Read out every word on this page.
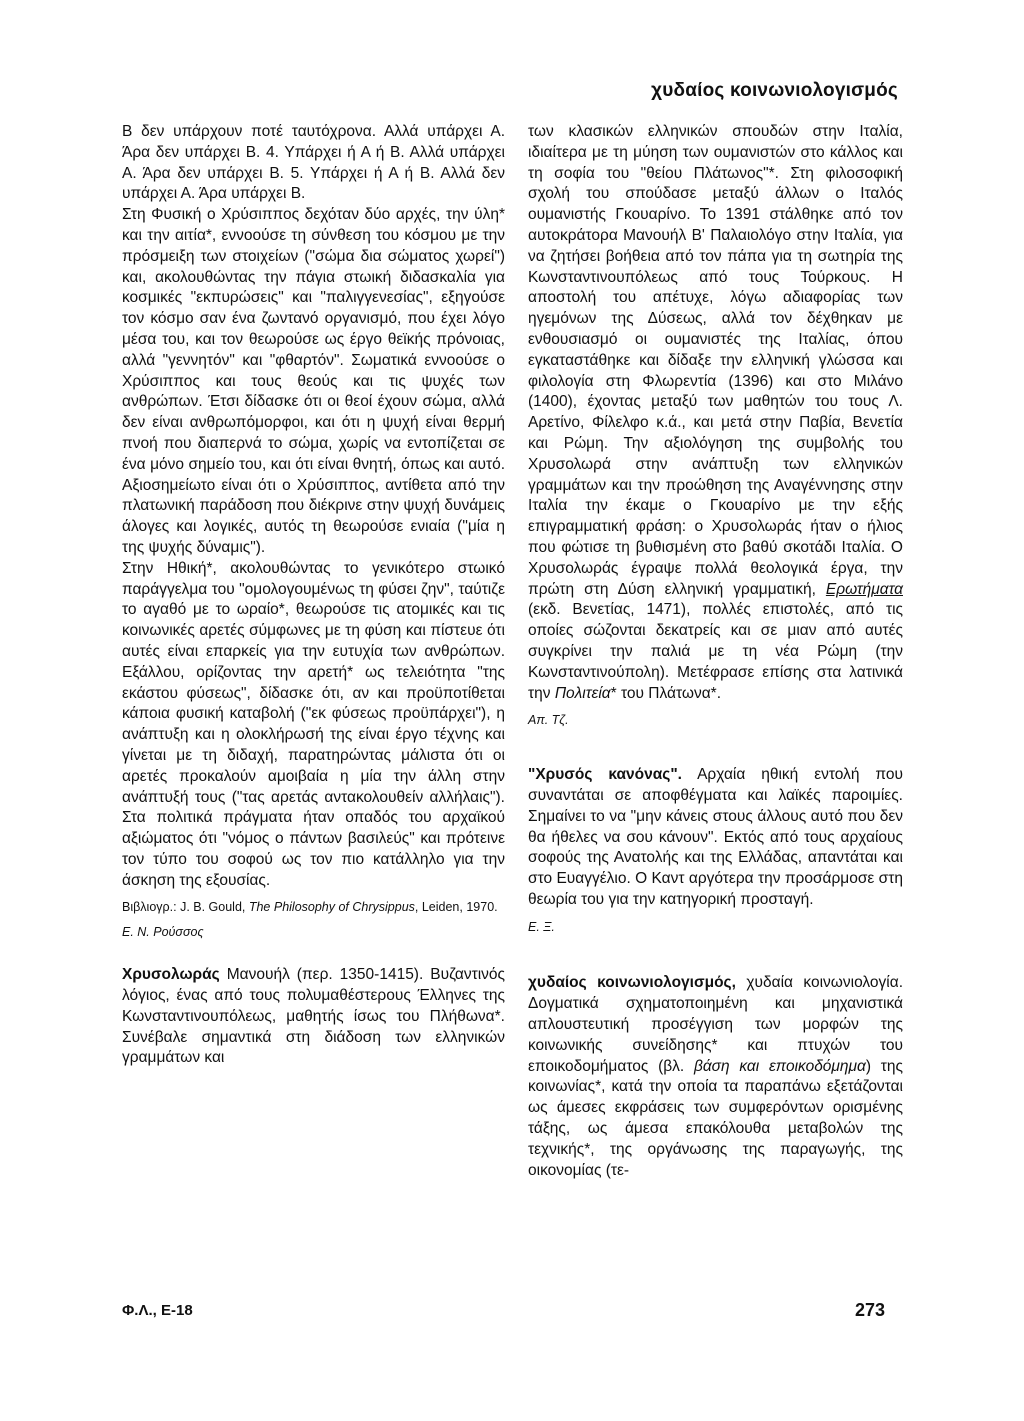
χυδαίος κοινωνιολογισμός

Β δεν υπάρχουν ποτέ ταυτόχρονα. Αλλά υπάρχει Α. Άρα δεν υπάρχει Β. 4. Υπάρχει ή Α ή Β. Αλλά υπάρχει Α. Άρα δεν υπάρχει Β. 5. Υπάρχει ή Α ή Β. Αλλά δεν υπάρχει Α. Άρα υπάρχει Β.

Στη Φυσική ο Χρύσιππος δεχόταν δύο αρχές, την ύλη* και την αιτία*, εννοούσε τη σύνθεση του κόσμου με την πρόσμειξη των στοιχείων ("σώμα δια σώματος χωρεί") και, ακολουθώντας την πάγια στωική διδασκαλία για κοσμικές "εκπυρώσεις" και "παλιγγενεσίας", εξηγούσε τον κόσμο σαν ένα ζωντανό οργανισμό, που έχει λόγο μέσα του, και τον θεωρούσε ως έργο θεϊκής πρόνοιας, αλλά "γεννητόν" και "φθαρτόν". Σωματικά εννοούσε ο Χρύσιππος και τους θεούς και τις ψυχές των ανθρώπων. Έτσι δίδασκε ότι οι θεοί έχουν σώμα, αλλά δεν είναι ανθρωπόμορφοι, και ότι η ψυχή είναι θερμή πνοή που διαπερνά το σώμα, χωρίς να εντοπίζεται σε ένα μόνο σημείο του, και ότι είναι θνητή, όπως και αυτό. Αξιοσημείωτο είναι ότι ο Χρύσιππος, αντίθετα από την πλατωνική παράδοση που διέκρινε στην ψυχή δυνάμεις άλογες και λογικές, αυτός τη θεωρούσε ενιαία ("μία η της ψυχής δύναμις").

Στην Ηθική*, ακολουθώντας το γενικότερο στωικό παράγγελμα του "ομολογουμένως τη φύσει ζην", ταύτιζε το αγαθό με το ωραίο*, θεωρούσε τις ατομικές και τις κοινωνικές αρετές σύμφωνες με τη φύση και πίστευε ότι αυτές είναι επαρκείς για την ευτυχία των ανθρώπων. Εξάλλου, ορίζοντας την αρετή* ως τελειότητα "της εκάστου φύσεως", δίδασκε ότι, αν και προϋποτίθεται κάποια φυσική καταβολή ("εκ φύσεως προϋπάρχει"), η ανάπτυξη και η ολοκλήρωσή της είναι έργο τέχνης και γίνεται με τη διδαχή, παρατηρώντας μάλιστα ότι οι αρετές προκαλούν αμοιβαία η μία την άλλη στην ανάπτυξή τους ("τας αρετάς αντακολουθείν αλλήλαις"). Στα πολιτικά πράγματα ήταν οπαδός του αρχαϊκού αξιώματος ότι "νόμος ο πάντων βασιλεύς" και πρότεινε τον τύπο του σοφού ως τον πιο κατάλληλο για την άσκηση της εξουσίας.

Βιβλιογρ.: J. B. Gould, The Philosophy of Chrysippus, Leiden, 1970.

Ε. Ν. Ρούσσος

Χρυσολωράς Μανουήλ (περ. 1350-1415). Βυζαντινός λόγιος, ένας από τους πολυμαθέστερους Έλληνες της Κωνσταντινουπόλεως, μαθητής ίσως του Πλήθωνα*. Συνέβαλε σημαντικά στη διάδοση των ελληνικών γραμμάτων και

των κλασικών ελληνικών σπουδών στην Ιταλία, ιδιαίτερα με τη μύηση των ουμανιστών στο κάλλος και τη σοφία του "θείου Πλάτωνος"*. Στη φιλοσοφική σχολή του σπούδασε μεταξύ άλλων ο Ιταλός ουμανιστής Γκουαρίνο. Το 1391 στάλθηκε από τον αυτοκράτορα Μανουήλ Β' Παλαιολόγο στην Ιταλία, για να ζητήσει βοήθεια από τον πάπα για τη σωτηρία της Κωνσταντινουπόλεως από τους Τούρκους. Η αποστολή του απέτυχε, λόγω αδιαφορίας των ηγεμόνων της Δύσεως, αλλά τον δέχθηκαν με ενθουσιασμό οι ουμανιστές της Ιταλίας, όπου εγκαταστάθηκε και δίδαξε την ελληνική γλώσσα και φιλολογία στη Φλωρεντία (1396) και στο Μιλάνο (1400), έχοντας μεταξύ των μαθητών του τους Λ. Αρετίνο, Φίλελφο κ.ά., και μετά στην Παβία, Βενετία και Ρώμη. Την αξιολόγηση της συμβολής του Χρυσολωρά στην ανάπτυξη των ελληνικών γραμμάτων και την προώθηση της Αναγέννησης στην Ιταλία την έκαμε ο Γκουαρίνο με την εξής επιγραμματική φράση: ο Χρυσολωράς ήταν ο ήλιος που φώτισε τη βυθισμένη στο βαθύ σκοτάδι Ιταλία. Ο Χρυσολωράς έγραψε πολλά θεολογικά έργα, την πρώτη στη Δύση ελληνική γραμματική, Ερωτήματα (εκδ. Βενετίας, 1471), πολλές επιστολές, από τις οποίες σώζονται δεκατρείς και σε μιαν από αυτές συγκρίνει την παλιά με τη νέα Ρώμη (την Κωνσταντινούπολη). Μετέφρασε επίσης στα λατινικά την Πολιτεία* του Πλάτωνα*.

Απ. Τζ.

"Χρυσός κανόνας". Αρχαία ηθική εντολή που συναντάται σε αποφθέγματα και λαϊκές παροιμίες. Σημαίνει το να "μην κάνεις στους άλλους αυτό που δεν θα ήθελες να σου κάνουν". Εκτός από τους αρχαίους σοφούς της Ανατολής και της Ελλάδας, απαντάται και στο Ευαγγέλιο. Ο Καντ αργότερα την προσάρμοσε στη θεωρία του για την κατηγορική προσταγή.

Ε. Ξ.

χυδαίος κοινωνιολογισμός, χυδαία κοινωνιολογία. Δογματικά σχηματοποιημένη και μηχανιστικά απλουστευτική προσέγγιση των μορφών της κοινωνικής συνείδησης* και πτυχών του εποικοδομήματος (βλ. βάση και εποικοδόμημα) της κοινωνίας*, κατά την οποία τα παραπάνω εξετάζονται ως άμεσες εκφράσεις των συμφερόντων ορισμένης τάξης, ως άμεσα επακόλουθα μεταβολών της τεχνικής*, της οργάνωσης της παραγωγής, της οικονομίας (τε-

Φ.Λ., Ε-18	273
